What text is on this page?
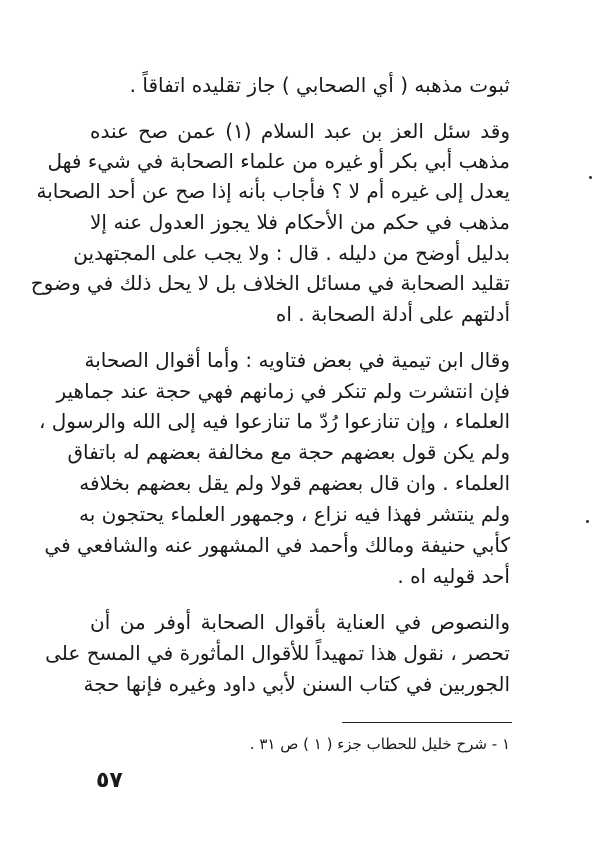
ثبوت مذهبه ( أي الصحابي ) جاز تقليده اتفاقاً .
وقد سئل العز بن عبد السلام (١) عمن صح عنده
مذهب أبي بكر أو غيره من علماء الصحابة في شيء فهل
يعدل إلى غيره أم لا ؟ فأجاب بأنه إذا صح عن أحد الصحابة
مذهب في حكم من الأحكام فلا يجوز العدول عنه إلا
بدليل أوضح من دليله . قال : ولا يجب على المجتهدين
تقليد الصحابة في مسائل الخلاف بل لا يحل ذلك في وضوح
أدلتهم على أدلة الصحابة . اه
وقال ابن تيمية في بعض فتاويه : وأما أقوال الصحابة
فإن انتشرت ولم تنكر في زمانهم فهي حجة عند جماهير
العلماء ، وإن تنازعوا رُدّ ما تنازعوا فيه إلى الله والرسول ،
ولم يكن قول بعضهم حجة مع مخالفة بعضهم له باتفاق
العلماء . وان قال بعضهم قولا ولم يقل بعضهم بخلافه
ولم ينتشر فهذا فيه نزاع ، وجمهور العلماء يحتجون به
كأبي حنيفة ومالك وأحمد في المشهور عنه والشافعي في
أحد قوليه اه .
والنصوص في العناية بأقوال الصحابة أوفر من أن
تحصر ، نقول هذا تمهيداً للأقوال المأثورة في المسح على
الجوربين في كتاب السنن لأبي داود وغيره فإنها حجة
١ - شرح خليل للحطاب جزء ( ١ ) ص ٣١ .
٥٧
